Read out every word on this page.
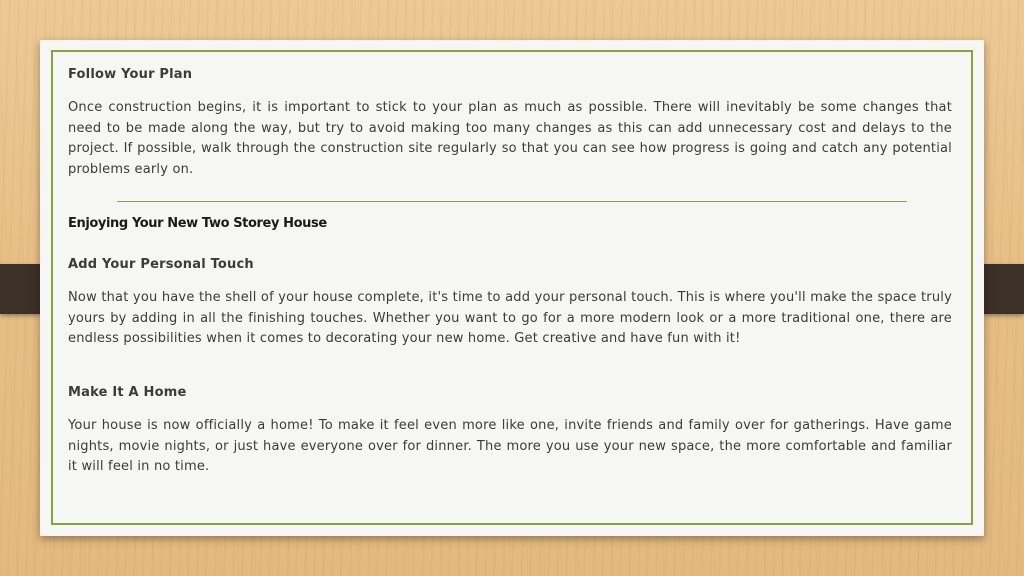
Follow Your Plan

Once construction begins, it is important to stick to your plan as much as possible. There will inevitably be some changes that need to be made along the way, but try to avoid making too many changes as this can add unnecessary cost and delays to the project. If possible, walk through the construction site regularly so that you can see how progress is going and catch any potential problems early on.

Enjoying Your New Two Storey House
Add Your Personal Touch

Now that you have the shell of your house complete, it's time to add your personal touch. This is where you'll make the space truly yours by adding in all the finishing touches. Whether you want to go for a more modern look or a more traditional one, there are endless possibilities when it comes to decorating your new home. Get creative and have fun with it!

Make It A Home

Your house is now officially a home! To make it feel even more like one, invite friends and family over for gatherings. Have game nights, movie nights, or just have everyone over for dinner. The more you use your new space, the more comfortable and familiar it will feel in no time.
